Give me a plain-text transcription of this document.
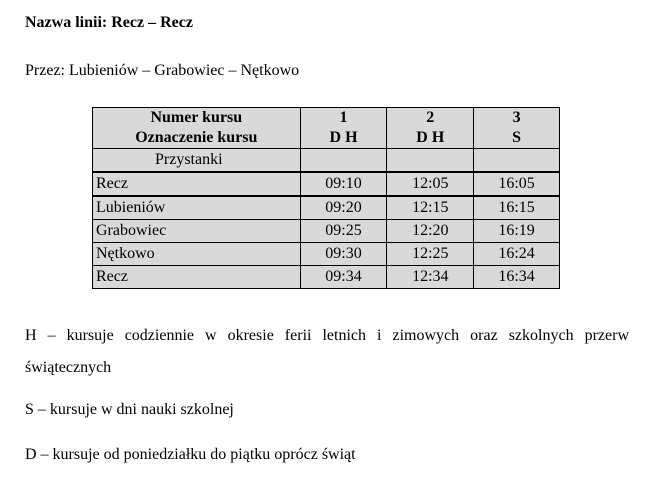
Nazwa linii: Recz – Recz
Przez: Lubieniów – Grabowiec – Nętkowo
Numer kursu	1	2	3
Oznaczenie kursu	D H	D H	S
Przystanki			
Recz	09:10	12:05	16:05
Lubieniów	09:20	12:15	16:15
Grabowiec	09:25	12:20	16:19
Nętkowo	09:30	12:25	16:24
Recz	09:34	12:34	16:34
H – kursuje codziennie w okresie ferii letnich i zimowych oraz szkolnych przerw świątecznych
S – kursuje w dni nauki szkolnej
D – kursuje od poniedziałku do piątku oprócz świąt
